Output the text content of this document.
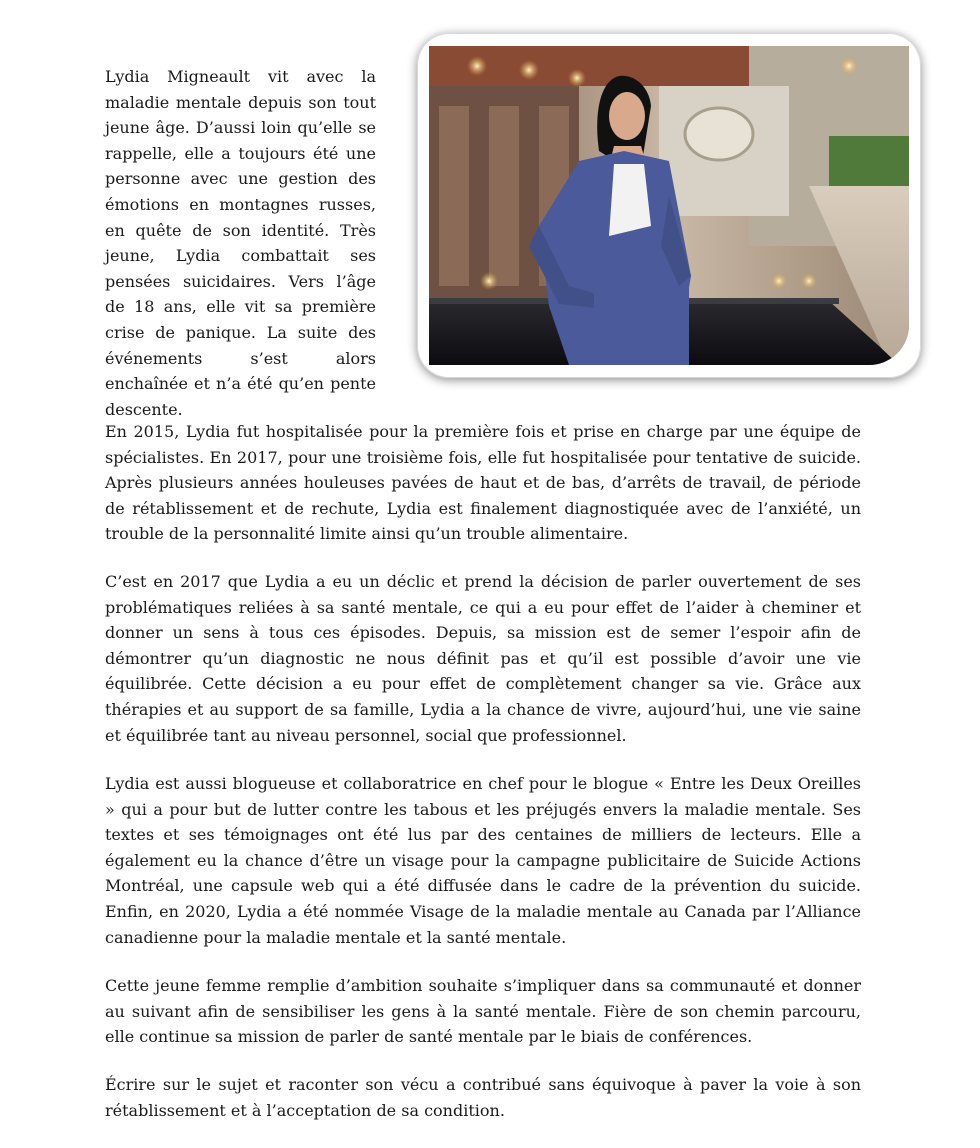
Lydia Migneault vit avec la maladie mentale depuis son tout jeune âge. D’aussi loin qu’elle se rappelle, elle a toujours été une personne avec une gestion des émotions en montagnes russes, en quête de son identité. Très jeune, Lydia combattait ses pensées suicidaires. Vers l’âge de 18 ans, elle vit sa première crise de panique. La suite des événements s’est alors enchaînée et n’a été qu’en pente descente.

En 2015, Lydia fut hospitalisée pour la première fois et prise en charge par une équipe de spécialistes. En 2017, pour une troisième fois, elle fut hospitalisée pour tentative de suicide. Après plusieurs années houleuses pavées de haut et de bas, d’arrêts de travail, de période de rétablissement et de rechute, Lydia est finalement diagnostiquée avec de l’anxiété, un trouble de la personnalité limite ainsi qu’un trouble alimentaire.

C’est en 2017 que Lydia a eu un déclic et prend la décision de parler ouvertement de ses problématiques reliées à sa santé mentale, ce qui a eu pour effet de l’aider à cheminer et donner un sens à tous ces épisodes. Depuis, sa mission est de semer l’espoir afin de démontrer qu’un diagnostic ne nous définit pas et qu’il est possible d’avoir une vie équilibrée. Cette décision a eu pour effet de complètement changer sa vie. Grâce aux thérapies et au support de sa famille, Lydia a la chance de vivre, aujourd’hui, une vie saine et équilibrée tant au niveau personnel, social que professionnel.

Lydia est aussi blogueuse et collaboratrice en chef pour le blogue « Entre les Deux Oreilles » qui a pour but de lutter contre les tabous et les préjugés envers la maladie mentale. Ses textes et ses témoignages ont été lus par des centaines de milliers de lecteurs. Elle a également eu la chance d’être un visage pour la campagne publicitaire de Suicide Actions Montréal, une capsule web qui a été diffusée dans le cadre de la prévention du suicide. Enfin, en 2020, Lydia a été nommée Visage de la maladie mentale au Canada par l’Alliance canadienne pour la maladie mentale et la santé mentale.

Cette jeune femme remplie d’ambition souhaite s’impliquer dans sa communauté et donner au suivant afin de sensibiliser les gens à la santé mentale. Fière de son chemin parcouru, elle continue sa mission de parler de santé mentale par le biais de conférences.

Écrire sur le sujet et raconter son vécu a contribué sans équivoque à paver la voie à son rétablissement et à l’acceptation de sa condition.
